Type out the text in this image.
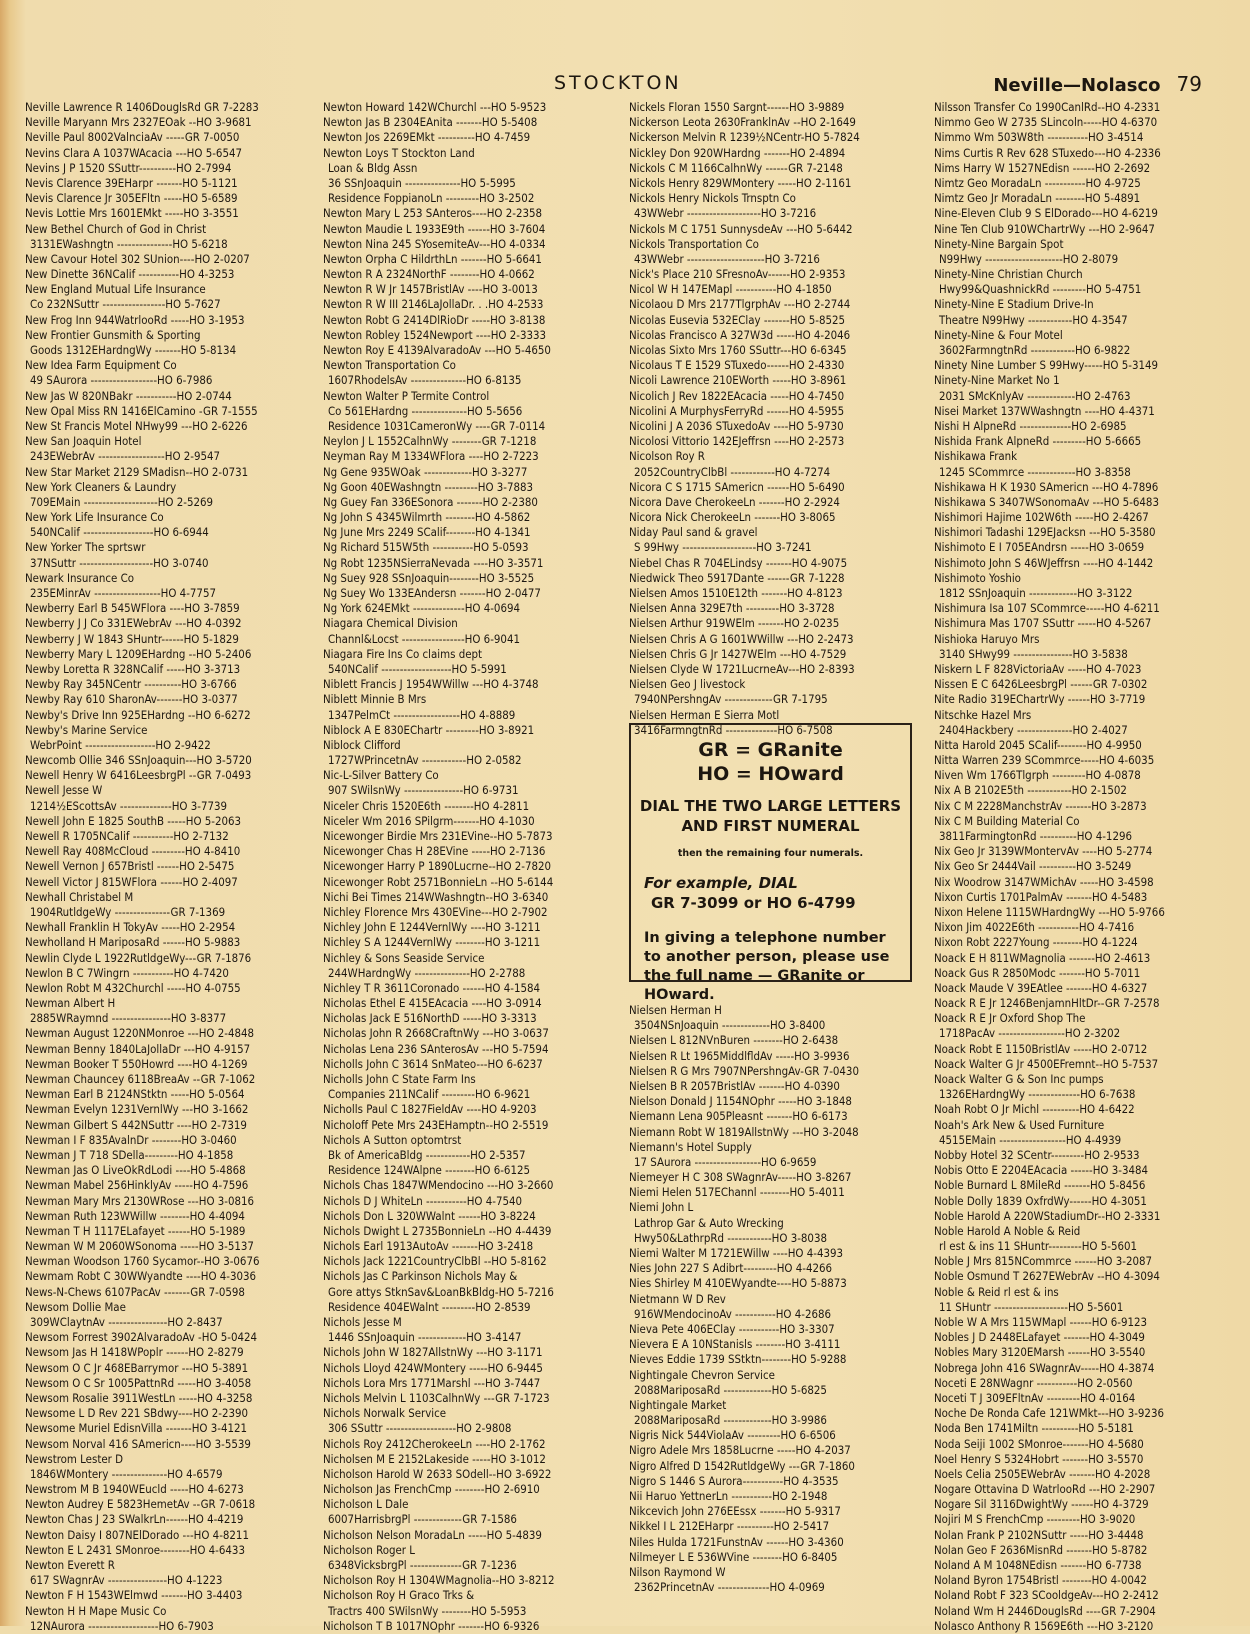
STOCKTON	Neville—Nolasco 79
Neville Lawrence R 1406DouglsRd GR 7-2283
Neville Maryann Mrs 2327EOak --HO 3-9681
Neville Paul 8002ValnciaAv -----GR 7-0050
Nevins Clara A 1037WAcacia ---HO 5-6547
Nevins J P 1520 SSuttr----------HO 2-7994
Nevis Clarence 39EHarpr -------HO 5-1121
Nevis Clarence Jr 305EFltn -----HO 5-6589
Nevis Lottie Mrs 1601EMkt -----HO 3-3551
New Bethel Church of God in Christ
3131EWashngtn ---------------HO 5-6218
New Cavour Hotel 302 SUnion----HO 2-0207
New Dinette 36NCalif -----------HO 4-3253
New England Mutual Life Insurance
Co 232NSuttr -----------------HO 5-7627
New Frog Inn 944WatrlooRd -----HO 3-1953
New Frontier Gunsmith & Sporting
Goods 1312EHardngWy -------HO 5-8134
New Idea Farm Equipment Co
49 SAurora ------------------HO 6-7986
New Jas W 820NBakr -----------HO 2-0744
New Opal Miss RN 1416ElCamino -GR 7-1555
New St Francis Motel NHwy99 ---HO 2-6226
New San Joaquin Hotel
243EWebrAv ------------------HO 2-9547
New Star Market 2129 SMadisn--HO 2-0731
New York Cleaners & Laundry
709EMain --------------------HO 2-5269
New York Life Insurance Co
540NCalif -------------------HO 6-6944
New Yorker The sprtswr
37NSuttr --------------------HO 3-0740
Newark Insurance Co
235EMinrAv ------------------HO 4-7757
Newberry Earl B 545WFlora ----HO 3-7859
Newberry J J Co 331EWebrAv ---HO 4-0392
Newberry J W 1843 SHuntr------HO 5-1829
Newberry Mary L 1209EHardng --HO 5-2406
Newby Loretta R 328NCalif -----HO 3-3713
Newby Ray 345NCentr ----------HO 3-6766
Newby Ray 610 SharonAv-------HO 3-0377
Newby's Drive Inn 925EHardng --HO 6-6272
Newby's Marine Service
WebrPoint -------------------HO 2-9422
Newcomb Ollie 346 SSnJoaquin---HO 3-5720
Newell Henry W 6416LeesbrgPl --GR 7-0493
Newell Jesse W
1214½EScottsAv --------------HO 3-7739
Newell John E 1825 SouthB -----HO 5-2063
Newell R 1705NCalif -----------HO 2-7132
Newell Ray 408McCloud ---------HO 4-8410
Newell Vernon J 657Bristl ------HO 2-5475
Newell Victor J 815WFlora ------HO 2-4097
Newhall Christabel M
1904RutldgeWy ---------------GR 7-1369
Newhall Franklin H TokyAv -----HO 2-2954
Newholland H MariposaRd ------HO 5-9883
Newlin Clyde L 1922RutldgeWy---GR 7-1876
Newlon B C 7Wingrn -----------HO 4-7420
Newlon Robt M 432Churchl -----HO 4-0755
Newman Albert H
2885WRaymnd ----------------HO 3-8377
Newman August 1220NMonroe ---HO 2-4848
Newman Benny 1840LaJollaDr ---HO 4-9157
Newman Booker T 550Howrd ----HO 4-1269
Newman Chauncey 6118BreaAv --GR 7-1062
Newman Earl B 2124NStktn -----HO 5-0564
Newman Evelyn 1231VernlWy ---HO 3-1662
Newman Gilbert S 442NSuttr ----HO 2-7319
Newman I F 835AvalnDr --------HO 3-0460
Newman J T 718 SDella---------HO 4-1858
Newman Jas O LiveOkRdLodi ----HO 5-4868
Newman Mabel 256HinklyAv -----HO 4-7596
Newman Mary Mrs 2130WRose ---HO 3-0816
Newman Ruth 123WWillw --------HO 4-4094
Newman T H 1117ELafayet ------HO 5-1989
Newman W M 2060WSonoma -----HO 3-5137
Newman Woodson 1760 Sycamor--HO 3-0676
Newmam Robt C 30WWyandte ----HO 4-3036
News-N-Chews 6107PacAv -------GR 7-0598
Newsom Dollie Mae
309WClaytnAv ----------------HO 2-8437
Newsom Forrest 3902AlvaradoAv -HO 5-0424
Newsom Jas H 1418WPoplr ------HO 2-8279
Newsom O C Jr 468EBarrymor ---HO 5-3891
Newsom O C Sr 1005PattnRd -----HO 3-4058
Newsom Rosalie 3911WestLn -----HO 4-3258
Newsome L D Rev 221 SBdwy----HO 2-2390
Newsome Muriel EdisnVilla -------HO 3-4121
Newsom Norval 416 SAmericn----HO 3-5539
Newstrom Lester D
1846WMontery ---------------HO 4-6579
Newstrom M B 1940WEucld -----HO 4-6273
Newton Audrey E 5823HemetAv --GR 7-0618
Newton Chas J 23 SWalkrLn------HO 4-4219
Newton Daisy I 807NElDorado ---HO 4-8211
Newton E L 2431 SMonroe--------HO 4-6433
Newton Everett R
617 SWagnrAv ----------------HO 4-1223
Newton F H 1543WElmwd -------HO 3-4403
Newton H H Mape Music Co
12NAurora -------------------HO 6-7903
Newton Howard 142WChurchl ---HO 5-9523
Newton Jas B 2304EAnita -------HO 5-5408
Newton Jos 2269EMkt ----------HO 4-7459
Newton Loys T Stockton Land
Loan & Bldg Assn
36 SSnJoaquin ---------------HO 5-5995
Residence FoppianoLn ---------HO 3-2502
Newton Mary L 253 SAnteros----HO 2-2358
Newton Maudie L 1933E9th ------HO 3-7604
Newton Nina 245 SYosemiteAv---HO 4-0334
Newton Orpha C HildrthLn -------HO 5-6641
Newton R A 2324NorthF --------HO 4-0662
Newton R W Jr 1457BristlAv ----HO 3-0013
Newton R W III 2146LaJollaDr. . .HO 4-2533
Newton Robt G 2414DlRioDr -----HO 3-8138
Newton Robley 1524Newport ----HO 2-3333
Newton Roy E 4139AlvaradoAv ---HO 5-4650
Newton Transportation Co
1607RhodelsAv ---------------HO 6-8135
Newton Walter P Termite Control
Co 561EHardng ---------------HO 5-5656
Residence 1031CameronWy ----GR 7-0114
Neylon J L 1552CalhnWy --------GR 7-1218
Neyman Ray M 1334WFlora ----HO 2-7223
Ng Gene 935WOak -------------HO 3-3277
Ng Goon 40EWashngtn ---------HO 3-7883
Ng Guey Fan 336ESonora -------HO 2-2380
Ng John S 4345Wilmrth --------HO 4-5862
Ng June Mrs 2249 SCalif--------HO 4-1341
Ng Richard 515W5th -----------HO 5-0593
Ng Robt 1235NSierraNevada ----HO 3-3571
Ng Suey 928 SSnJoaquin--------HO 3-5525
Ng Suey Wo 133EAndersn -------HO 2-0477
Ng York 624EMkt --------------HO 4-0694
Niagara Chemical Division
Channl&Locst -----------------HO 6-9041
Niagara Fire Ins Co claims dept
540NCalif -------------------HO 5-5991
Niblett Francis J 1954WWillw ---HO 4-3748
Niblett Minnie B Mrs
1347PelmCt ------------------HO 4-8889
Niblock A E 830EChartr ---------HO 3-8921
Niblock Clifford
1727WPrincetnAv ------------HO 2-0582
Nic-L-Silver Battery Co
907 SWilsnWy ----------------HO 6-9731
Niceler Chris 1520E6th --------HO 4-2811
Niceler Wm 2016 SPilgrm-------HO 4-1030
Nicewonger Birdie Mrs 231EVine--HO 5-7873
Nicewonger Chas H 28EVine -----HO 2-7136
Nicewonger Harry P 1890Lucrne--HO 2-7820
Nicewonger Robt 2571BonnieLn --HO 5-6144
Nichi Bei Times 214WWashngtn--HO 3-6340
Nichley Florence Mrs 430EVine---HO 2-7902
Nichley John E 1244VernlWy ----HO 3-1211
Nichley S A 1244VernlWy --------HO 3-1211
Nichley & Sons Seaside Service
244WHardngWy ---------------HO 2-2788
Nichley T R 3611Coronado ------HO 4-1584
Nicholas Ethel E 415EAcacia ----HO 3-0914
Nicholas Jack E 516NorthD -----HO 3-3313
Nicholas John R 2668CraftnWy ---HO 3-0637
Nicholas Lena 236 SAnterosAv ---HO 5-7594
Nicholls John C 3614 SnMateo---HO 6-6237
Nicholls John C State Farm Ins
Companies 211NCalif ---------HO 6-9621
Nicholls Paul C 1827FieldAv ----HO 4-9203
Nicholoff Pete Mrs 243EHamptn--HO 2-5519
Nichols A Sutton optomtrst
Bk of AmericaBldg ------------HO 2-5357
Residence 124WAlpne --------HO 6-6125
Nichols Chas 1847WMendocino ---HO 3-2660
Nichols D J WhiteLn -----------HO 4-7540
Nichols Don L 320WWalnt ------HO 3-8224
Nichols Dwight L 2735BonnieLn --HO 4-4439
Nichols Earl 1913AutoAv -------HO 3-2418
Nichols Jack 1221CountryClbBl --HO 5-8162
Nichols Jas C Parkinson Nichols May &
Gore attys StknSav&LoanBkBldg-HO 5-7216
Residence 404EWalnt ---------HO 2-8539
Nichols Jesse M
1446 SSnJoaquin -------------HO 3-4147
Nichols John W 1827AllstnWy ---HO 3-1171
Nichols Lloyd 424WMontery -----HO 6-9445
Nichols Lora Mrs 1771Marshl ---HO 3-7447
Nichols Melvin L 1103CalhnWy ---GR 7-1723
Nichols Norwalk Service
306 SSuttr -------------------HO 2-9808
Nichols Roy 2412CherokeeLn ----HO 2-1762
Nicholsen M E 2152Lakeside -----HO 3-1012
Nicholson Harold W 2633 SOdell--HO 3-6922
Nicholson Jas FrenchCmp --------HO 2-6910
Nicholson L Dale
6007HarrisbrgPl -------------GR 7-1586
Nicholson Nelson MoradaLn -----HO 5-4839
Nicholson Roger L
6348VicksbrgPl --------------GR 7-1236
Nicholson Roy H 1304WMagnolia--HO 3-8212
Nicholson Roy H Graco Trks &
Tractrs 400 SWilsnWy --------HO 5-5953
Nicholson T B 1017NOphr -------HO 6-9326
Nickels Floran 1550 Sargnt------HO 3-9889
Nickerson Leota 2630FranklnAv --HO 2-1649
Nickerson Melvin R 1239½NCentr-HO 5-7824
Nickley Don 920WHardng -------HO 2-4894
Nickols C M 1166CalhnWy ------GR 7-2148
Nickols Henry 829WMontery -----HO 2-1161
Nickols Henry Nickols Trnsptn Co
43WWebr --------------------HO 3-7216
Nickols M C 1751 SunnysdeAv ---HO 5-6442
Nickols Transportation Co
43WWebr ---------------------HO 3-7216
Nick's Place 210 SFresnoAv------HO 2-9353
Nicol W H 147EMapl -----------HO 4-1850
Nicolaou D Mrs 2177TlgrphAv ---HO 2-2744
Nicolas Eusevia 532EClay -------HO 5-8525
Nicolas Francisco A 327W3d -----HO 4-2046
Nicolas Sixto Mrs 1760 SSuttr---HO 6-6345
Nicolaus T E 1529 STuxedo------HO 2-4330
Nicoli Lawrence 210EWorth -----HO 3-8961
Nicolich J Rev 1822EAcacia -----HO 4-7450
Nicolini A MurphysFerryRd ------HO 4-5955
Nicolini J A 2036 STuxedoAv ----HO 5-9730
Nicolosi Vittorio 142EJeffrsn ----HO 2-2573
Nicolson Roy R
2052CountryClbBl ------------HO 4-7274
Nicora C S 1715 SAmericn ------HO 5-6490
Nicora Dave CherokeeLn -------HO 2-2924
Nicora Nick CherokeeLn -------HO 3-8065
Niday Paul sand & gravel
S 99Hwy --------------------HO 3-7241
Niebel Chas R 704ELindsy -------HO 4-9075
Niedwick Theo 5917Dante ------GR 7-1228
Nielsen Amos 1510E12th -------HO 4-8123
Nielsen Anna 329E7th ---------HO 3-3728
Nielsen Arthur 919WElm -------HO 2-0235
Nielsen Chris A G 1601WWillw ---HO 2-2473
Nielsen Chris G Jr 1427WElm ---HO 4-7529
Nielsen Clyde W 1721LucrneAv---HO 2-8393
Nielsen Geo J livestock
7940NPershngAv -------------GR 7-1795
Nielsen Herman E Sierra Motl
3416FarmngtnRd --------------HO 6-7508
Nielsen Herman H
3504NSnJoaquin -------------HO 3-8400
Nielsen L 812NVnBuren --------HO 2-6438
Nielsen R Lt 1965MiddlfldAv -----HO 3-9936
Nielsen R G Mrs 7907NPershngAv-GR 7-0430
Nielsen B R 2057BristlAv -------HO 4-0390
Nielson Donald J 1154NOphr -----HO 3-1848
Niemann Lena 905Pleasnt -------HO 6-6173
Niemann Robt W 1819AllstnWy ---HO 3-2048
Niemann's Hotel Supply
17 SAurora ------------------HO 6-9659
Niemeyer H C 308 SWagnrAv-----HO 3-8267
Niemi Helen 517EChannl --------HO 5-4011
Niemi John L
Lathrop Gar & Auto Wrecking
Hwy50&LathrpRd ------------HO 3-8038
Niemi Walter M 1721EWillw ----HO 4-4393
Nies John 227 S Adibrt---------HO 4-4266
Nies Shirley M 410EWyandte----HO 5-8873
Nietmann W D Rev
916WMendocinoAv -----------HO 4-2686
Nieva Pete 406EClay -----------HO 3-3307
Nievera E A 10NStanisls --------HO 3-4111
Nieves Eddie 1739 SStktn--------HO 5-9288
Nightingale Chevron Service
2088MariposaRd -------------HO 5-6825
Nightingale Market
2088MariposaRd -------------HO 3-9986
Nigris Nick 544ViolaAv ---------HO 6-6506
Nigro Adele Mrs 1858Lucrne -----HO 4-2037
Nigro Alfred D 1542RutldgeWy ---GR 7-1860
Nigro S 1446 S Aurora-----------HO 4-3535
Nii Haruo YettnerLn -----------HO 2-1948
Nikcevich John 276EEssx -------HO 5-9317
Nikkel I L 212EHarpr ----------HO 2-5417
Niles Hulda 1721FunstnAv ------HO 3-4360
Nilmeyer L E 536WVine --------HO 6-8405
Nilson Raymond W
2362PrincetnAv --------------HO 4-0969
Nilsson Transfer Co 1990CanlRd--HO 4-2331
Nimmo Geo W 2735 SLincoln-----HO 4-6370
Nimmo Wm 503W8th -----------HO 3-4514
Nims Curtis R Rev 628 STuxedo---HO 4-2336
Nims Harry W 1527NEdisn ------HO 2-2692
Nimtz Geo MoradaLn -----------HO 4-9725
Nimtz Geo Jr MoradaLn --------HO 5-4891
Nine-Eleven Club 9 S ElDorado---HO 4-6219
Nine Ten Club 910WChartrWy ---HO 2-9647
Ninety-Nine Bargain Spot
N99Hwy ---------------------HO 2-8079
Ninety-Nine Christian Church
Hwy99&QuashnickRd ---------HO 5-4751
Ninety-Nine E Stadium Drive-In
Theatre N99Hwy ------------HO 4-3547
Ninety-Nine & Four Motel
3602FarmngtnRd ------------HO 6-9822
Ninety Nine Lumber S 99Hwy-----HO 5-3149
Ninety-Nine Market No 1
2031 SMcKnlyAv -------------HO 2-4763
Nisei Market 137WWashngtn ----HO 4-4371
Nishi H AlpneRd --------------HO 2-6985
Nishida Frank AlpneRd ---------HO 5-6665
Nishikawa Frank
1245 SCommrce -------------HO 3-8358
Nishikawa H K 1930 SAmericn ---HO 4-7896
Nishikawa S 3407WSonomaAv ---HO 5-6483
Nishimori Hajime 102W6th -----HO 2-4267
Nishimori Tadashi 129EJacksn ---HO 5-3580
Nishimoto E I 705EAndrsn -----HO 3-0659
Nishimoto John S 46WJeffrsn ----HO 4-1442
Nishimoto Yoshio
1812 SSnJoaquin -------------HO 3-3122
Nishimura Isa 107 SCommrce-----HO 4-6211
Nishimura Mas 1707 SSuttr -----HO 4-5267
Nishioka Haruyo Mrs
3140 SHwy99 ----------------HO 3-5838
Niskern L F 828VictoriaAv -----HO 4-7023
Nissen E C 6426LeesbrgPl ------GR 7-0302
Nite Radio 319EChartrWy ------HO 3-7719
Nitschke Hazel Mrs
2404Hackbery ---------------HO 2-4027
Nitta Harold 2045 SCalif--------HO 4-9950
Nitta Warren 239 SCommrce-----HO 4-6035
Niven Wm 1766Tlgrph ---------HO 4-0878
Nix A B 2102E5th ------------HO 2-1502
Nix C M 2228ManchstrAv -------HO 3-2873
Nix C M Building Material Co
3811FarmingtonRd ----------HO 4-1296
Nix Geo Jr 3139WMontervAv ----HO 5-2774
Nix Geo Sr 2444Vail ----------HO 3-5249
Nix Woodrow 3147WMichAv -----HO 3-4598
Nixon Curtis 1701PalmAv -------HO 4-5483
Nixon Helene 1115WHardngWy ---HO 5-9766
Nixon Jim 4022E6th -----------HO 4-7416
Nixon Robt 2227Young --------HO 4-1224
Noack E H 811WMagnolia -------HO 2-4613
Noack Gus R 2850Modc -------HO 5-7011
Noack Maude V 39EAtlee -------HO 4-6327
Noack R E Jr 1246BenjamnHltDr--GR 7-2578
Noack R E Jr Oxford Shop The
1718PacAv ------------------HO 2-3202
Noack Robt E 1150BristlAv -----HO 2-0712
Noack Walter G Jr 4500EFremnt--HO 5-7537
Noack Walter G & Son Inc pumps
1326EHardngWy --------------HO 6-7638
Noah Robt O Jr Michl ----------HO 4-6422
Noah's Ark New & Used Furniture
4515EMain ------------------HO 4-4939
Nobby Hotel 32 SCentr---------HO 2-9533
Nobis Otto E 2204EAcacia ------HO 3-3484
Noble Burnard L 8MileRd -------HO 5-8456
Noble Dolly 1839 OxfrdWy------HO 4-3051
Noble Harold A 220WStadiumDr--HO 2-3331
Noble Harold A Noble & Reid
rl est & ins 11 SHuntr---------HO 5-5601
Noble J Mrs 815NCommrce ------HO 3-2087
Noble Osmund T 2627EWebrAv --HO 4-3094
Noble & Reid rl est & ins
11 SHuntr --------------------HO 5-5601
Noble W A Mrs 115WMapl ------HO 6-9123
Nobles J D 2448ELafayet -------HO 4-3049
Nobles Mary 3120EMarsh ------HO 3-5540
Nobrega John 416 SWagnrAv-----HO 4-3874
Noceti E 28NWagnr -----------HO 2-0560
Noceti T J 309EFltnAv ---------HO 4-0164
Noche De Ronda Cafe 121WMkt---HO 3-9236
Noda Ben 1741Miltn ----------HO 5-5181
Noda Seiji 1002 SMonroe-------HO 4-5680
Noel Henry S 5324Hobrt -------HO 3-5570
Noels Celia 2505EWebrAv -------HO 4-2028
Nogare Ottavina D WatrlooRd ---HO 2-2907
Nogare Sil 3116DwightWy ------HO 4-3729
Nojiri M S FrenchCmp ---------HO 3-9020
Nolan Frank P 2102NSuttr -----HO 3-4448
Nolan Geo F 2636MisnRd -------HO 5-8782
Noland A M 1048NEdisn -------HO 6-7738
Noland Byron 1754Bristl --------HO 4-0042
Noland Robt F 323 SCooldgeAv---HO 2-2412
Noland Wm H 2446DouglsRd ----GR 7-2904
Nolasco Anthony R 1569E6th ---HO 3-2120
GR = GRanite
HO = HOward
DIAL THE TWO LARGE LETTERS
AND FIRST NUMERAL
then the remaining four numerals.
For example, DIAL
GR 7-3099 or HO 6-4799
In giving a telephone number to another person, please use the full name — GRanite or HOward.
